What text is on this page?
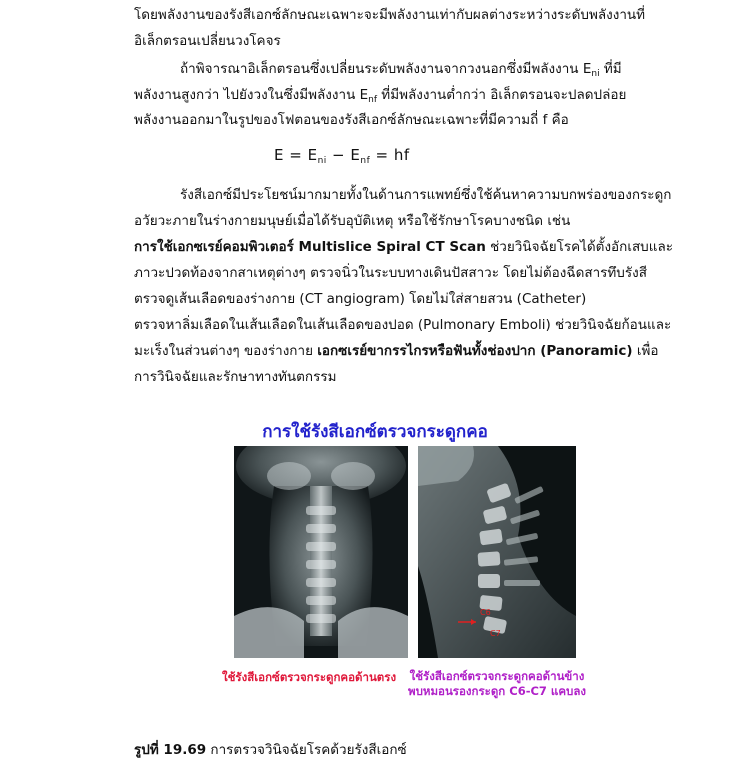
โดยพลังงานของรังสีเอกซ์ลักษณะเฉพาะจะมีพลังงานเท่ากับผลต่างระหว่างระดับพลังงานที่
อิเล็กตรอนเปลี่ยนวงโคจร
ถ้าพิจารณาอิเล็กตรอนซึ่งเปลี่ยนระดับพลังงานจากวงนอกซึ่งมีพลังงาน $E_{ni}$ ที่มี
พลังงานสูงกว่า ไปยังวงในซึ่งมีพลังงาน $E_{nf}$ ที่มีพลังงานต่ำกว่า อิเล็กตรอนจะปลดปล่อย
พลังงานออกมาในรูปของโฟตอนของรังสีเอกซ์ลักษณะเฉพาะที่มีความถี่ f คือ
$E = E_{ni} - E_{nf}$ = hf
รังสีเอกซ์มีประโยชน์มากมายทั้งในด้านการแพทย์ซึ่งใช้ค้นหาความบกพร่องของกระดูก
อวัยวะภายในร่างกายมนุษย์เมื่อได้รับอุบัติเหตุ หรือใช้รักษาโรคบางชนิด เช่น
การใช้เอกซเรย์คอมพิวเตอร์ Multislice Spiral CT Scan ช่วยวินิจฉัยโรคได้ตั้งอักเสบและ
ภาวะปวดท้องจากสาเหตุต่างๆ ตรวจนิ่วในระบบทางเดินปัสสาวะ โดยไม่ต้องฉีดสารทึบรังสี
ตรวจดูเส้นเลือดของร่างกาย (CT angiogram) โดยไม่ใส่สายสวน (Catheter)
ตรวจหาลิ่มเลือดในเส้นเลือดในเส้นเลือดของปอด (Pulmonary Emboli) ช่วยวินิจฉัยก้อนและ
มะเร็งในส่วนต่างๆ ของร่างกาย เอกซเรย์ขากรรไกรหรือฟันทั้งช่องปาก (Panoramic) เพื่อ
การวินิจฉัยและรักษาทางทันตกรรม
การใช้รังสีเอกซ์ตรวจกระดูกคอ
C6
C7
ใช้รังสีเอกซ์ตรวจกระดูกคอด้านตรง ใช้รังสีเอกซ์ตรวจกระดูกคอด้านข้าง
พบหมอนรองกระดูก C6-C7 แคบลง
รูปที่ 19.69 การตรวจวินิจฉัยโรคด้วยรังสีเอกซ์
